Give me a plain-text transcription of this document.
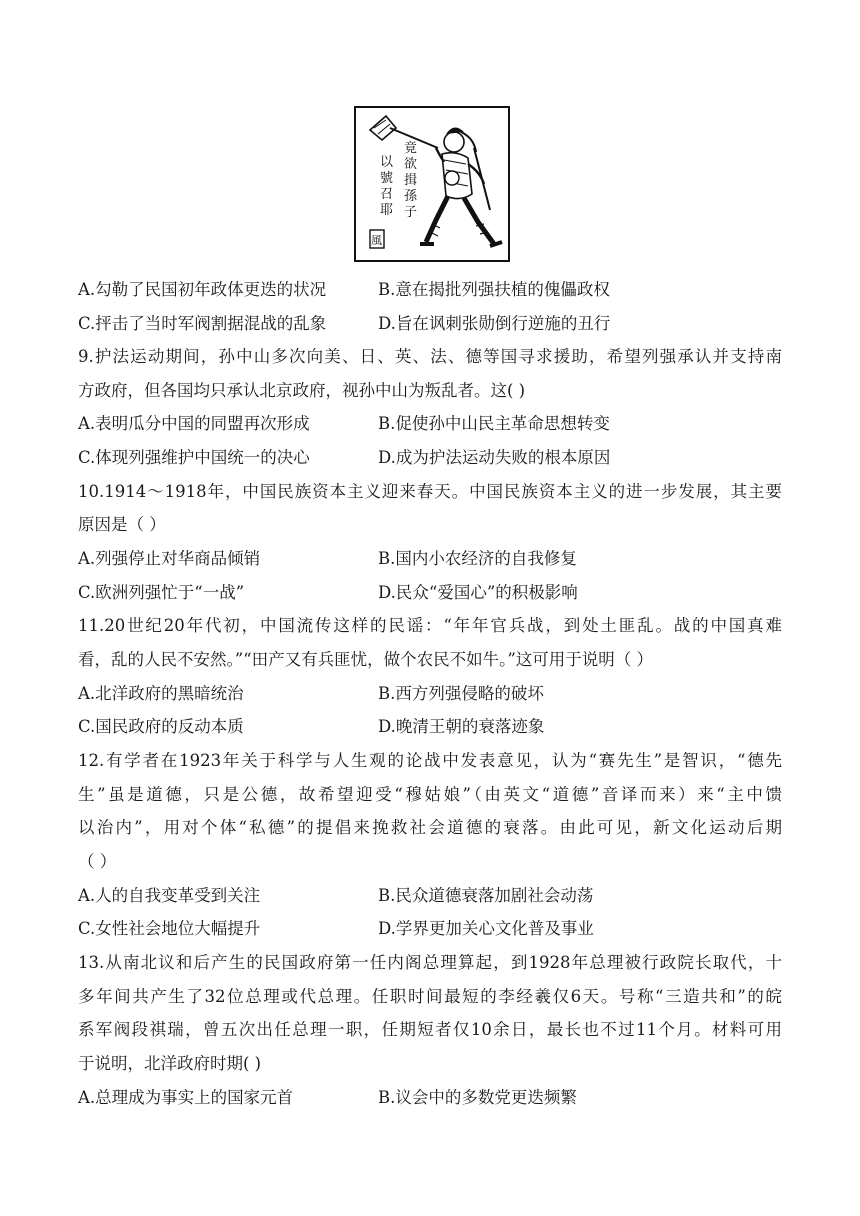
竟
欲
揖
孫
子
以
號
召
耶
風
A.勾勒了民国初年政体更迭的状况	B.意在揭批列强扶植的傀儡政权
C.抨击了当时军阀割据混战的乱象	D.旨在讽刺张勋倒行逆施的丑行
9.护法运动期间，孙中山多次向美、日、英、法、德等国寻求援助，希望列强承认并支持南
方政府，但各国均只承认北京政府，视孙中山为叛乱者。这( )
A.表明瓜分中国的同盟再次形成	B.促使孙中山民主革命思想转变
C.体现列强维护中国统一的决心	D.成为护法运动失败的根本原因
10.1914～1918年，中国民族资本主义迎来春天。中国民族资本主义的进一步发展，其主要
原因是（ ）
A.列强停止对华商品倾销	B.国内小农经济的自我修复
C.欧洲列强忙于“一战”	D.民众“爱国心”的积极影响
11.20世纪20年代初，中国流传这样的民谣：“年年官兵战，到处土匪乱。战的中国真难
看，乱的人民不安然。”“田产又有兵匪忧，做个农民不如牛。”这可用于说明（ ）
A.北洋政府的黑暗统治	B.西方列强侵略的破坏
C.国民政府的反动本质	D.晚清王朝的衰落迹象
12.有学者在1923年关于科学与人生观的论战中发表意见，认为“赛先生”是智识，“德先
生”虽是道德，只是公德，故希望迎受“穆姑娘”（由英文“道德”音译而来）来“主中馈
以治内”，用对个体“私德”的提倡来挽救社会道德的衰落。由此可见，新文化运动后期
（ ）
A.人的自我变革受到关注	B.民众道德衰落加剧社会动荡
C.女性社会地位大幅提升	D.学界更加关心文化普及事业
13.从南北议和后产生的民国政府第一任内阁总理算起，到1928年总理被行政院长取代，十
多年间共产生了32位总理或代总理。任职时间最短的李经羲仅6天。号称“三造共和”的皖
系军阀段祺瑞，曾五次出任总理一职，任期短者仅10余日，最长也不过11个月。材料可用
于说明，北洋政府时期( )
A.总理成为事实上的国家元首	B.议会中的多数党更迭频繁
